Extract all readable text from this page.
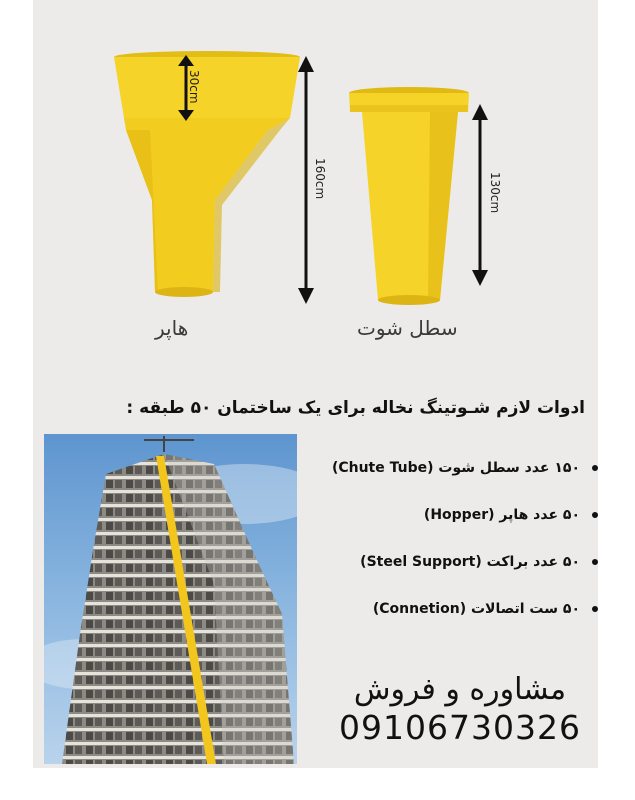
30cm
160cm	130cm
هاپر	سطل شوت
ادوات لازم شـوتینگ نخاله برای یک ساختمان ۵۰ طبقه :
۱۵۰ عدد سطل شوت (Chute Tube)
۵۰ عدد هاپر (Hopper)
۵۰ عدد براکت (Steel Support)
۵۰ ست اتصالات (Connetion)
مشاوره و فروش
09106730326
